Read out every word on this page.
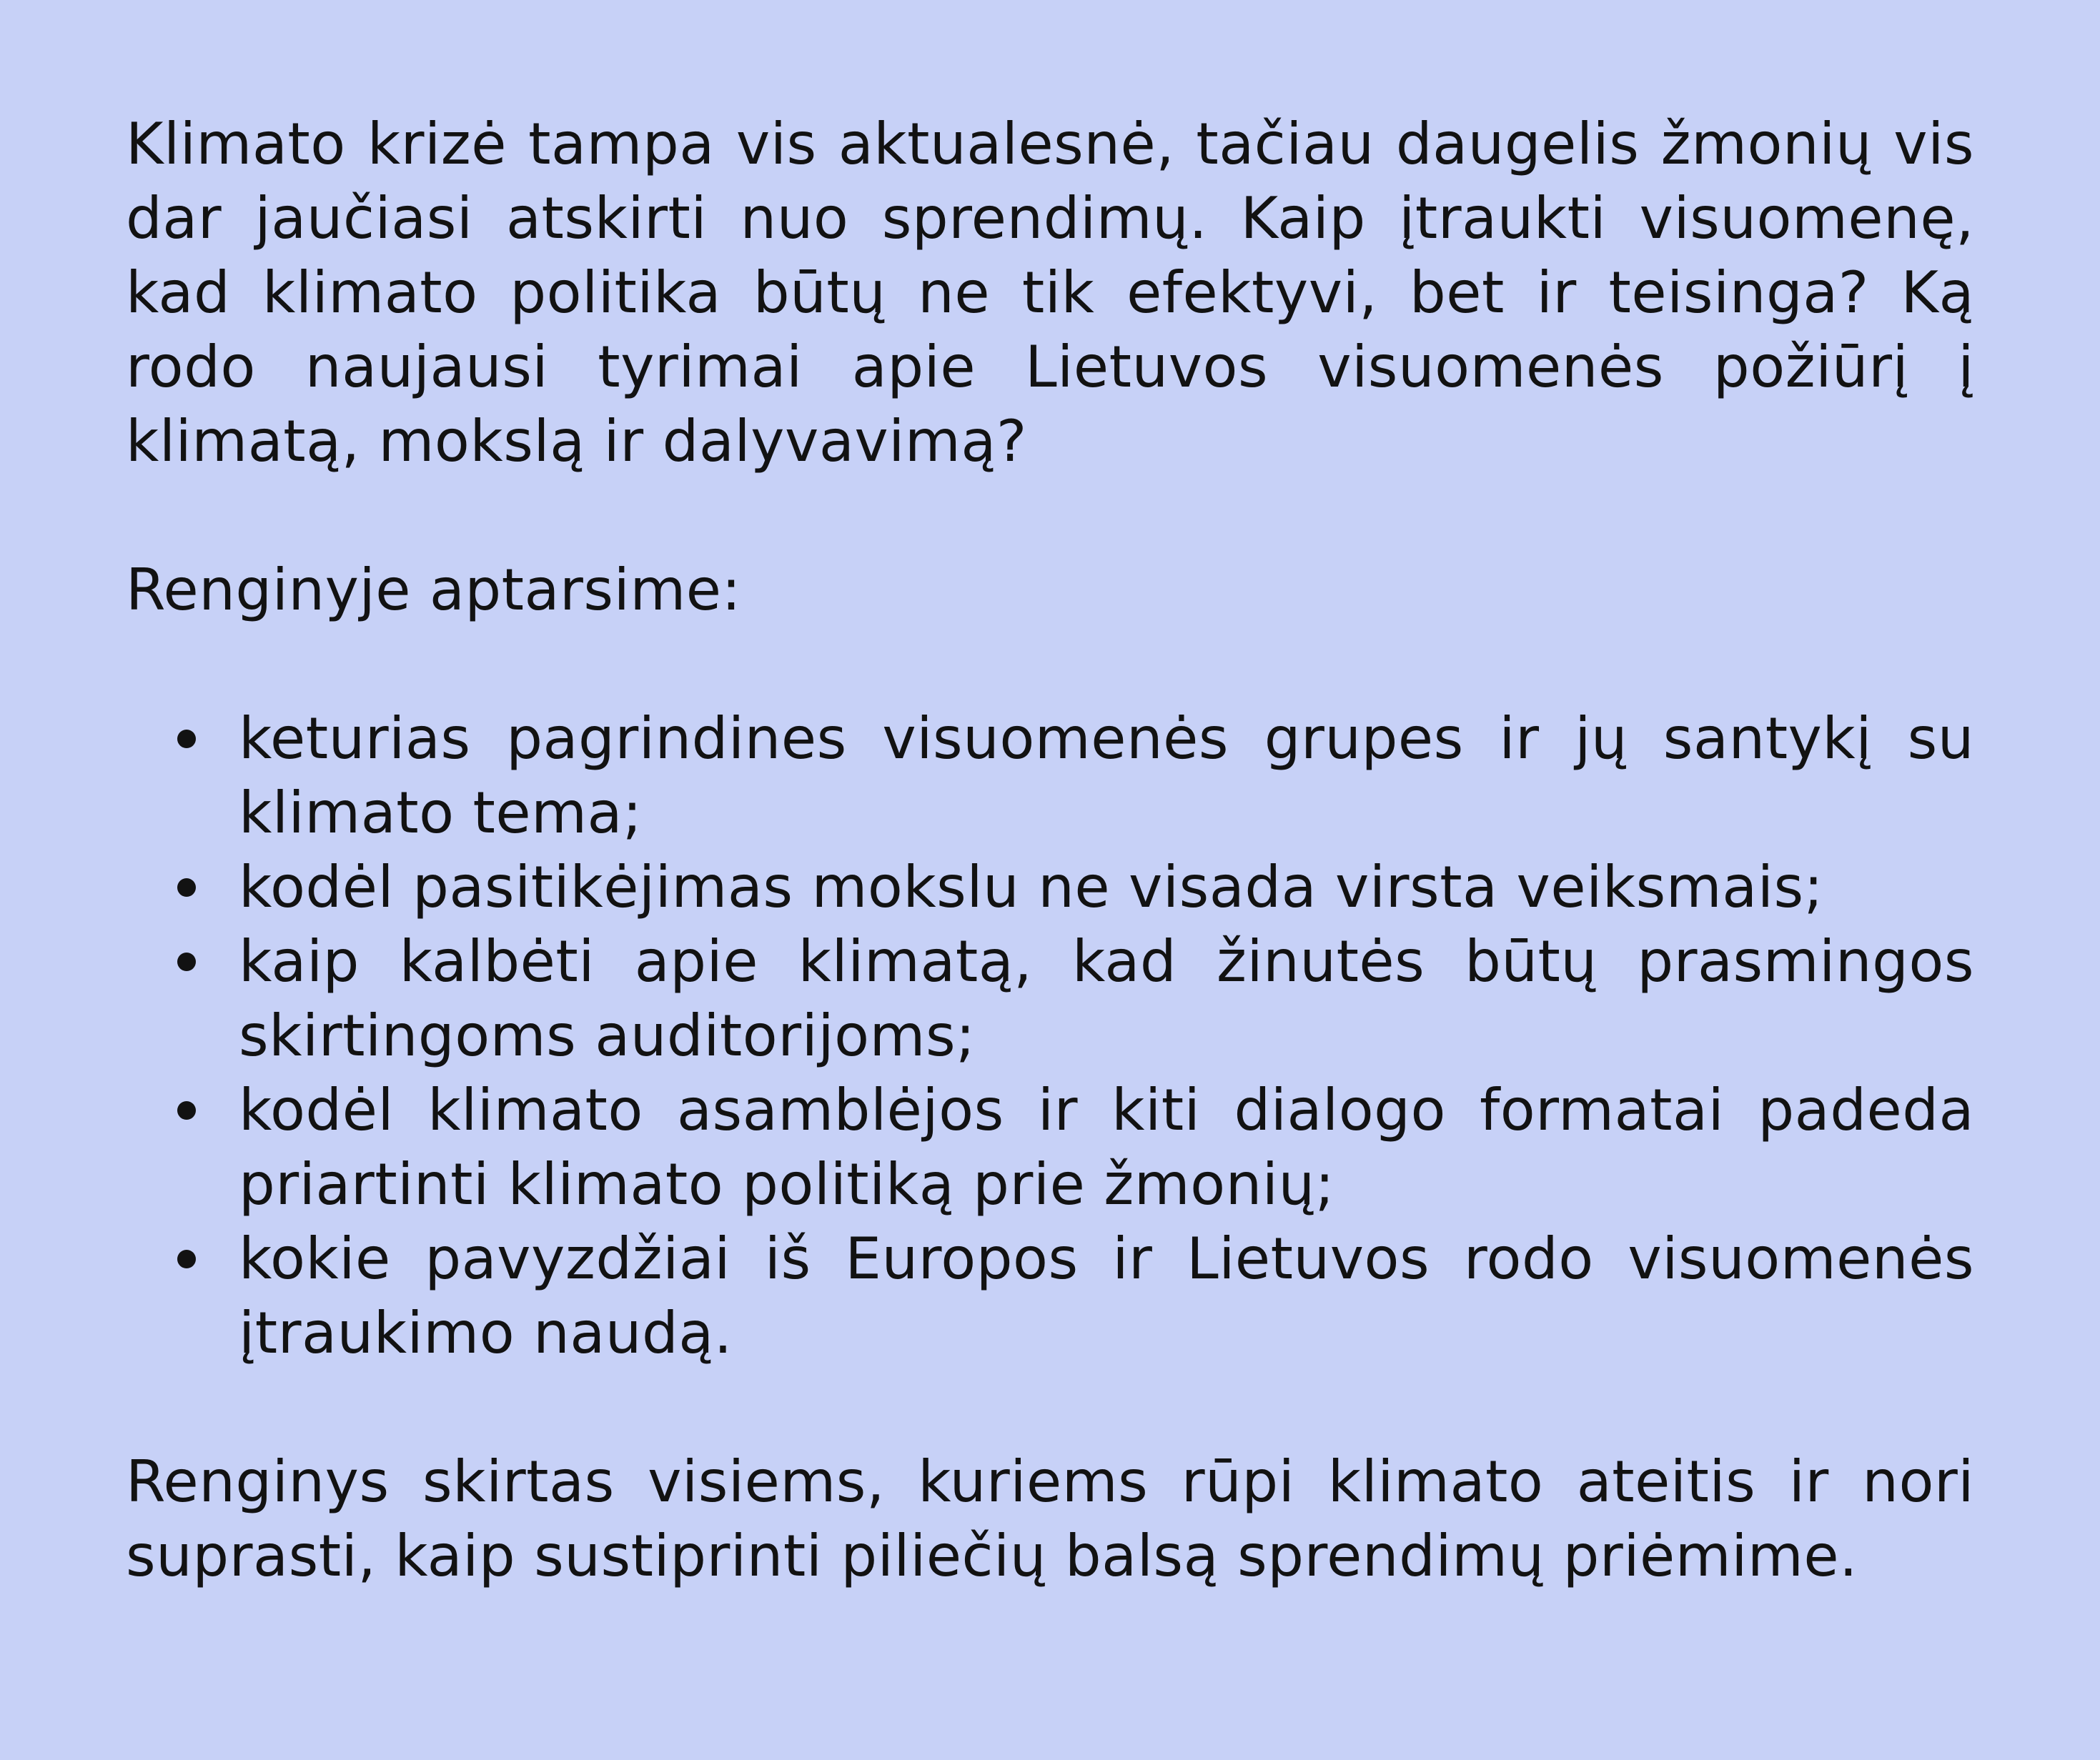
Klimato krizė tampa vis aktualesnė, tačiau daugelis žmonių vis dar jaučiasi atskirti nuo sprendimų. Kaip įtraukti visuomenę, kad klimato politika būtų ne tik efektyvi, bet ir teisinga? Ką rodo naujausi tyrimai apie Lietuvos visuomenės požiūrį į klimatą, mokslą ir dalyvavimą?

Renginyje aptarsime:

keturias pagrindines visuomenės grupes ir jų santykį su klimato tema;
kodėl pasitikėjimas mokslu ne visada virsta veiksmais;
kaip kalbėti apie klimatą, kad žinutės būtų prasmingos skirtingoms auditorijoms;
kodėl klimato asamblėjos ir kiti dialogo formatai padeda priartinti klimato politiką prie žmonių;
kokie pavyzdžiai iš Europos ir Lietuvos rodo visuomenės įtraukimo naudą.

Renginys skirtas visiems, kuriems rūpi klimato ateitis ir nori suprasti, kaip sustiprinti piliečių balsą sprendimų priėmime.
